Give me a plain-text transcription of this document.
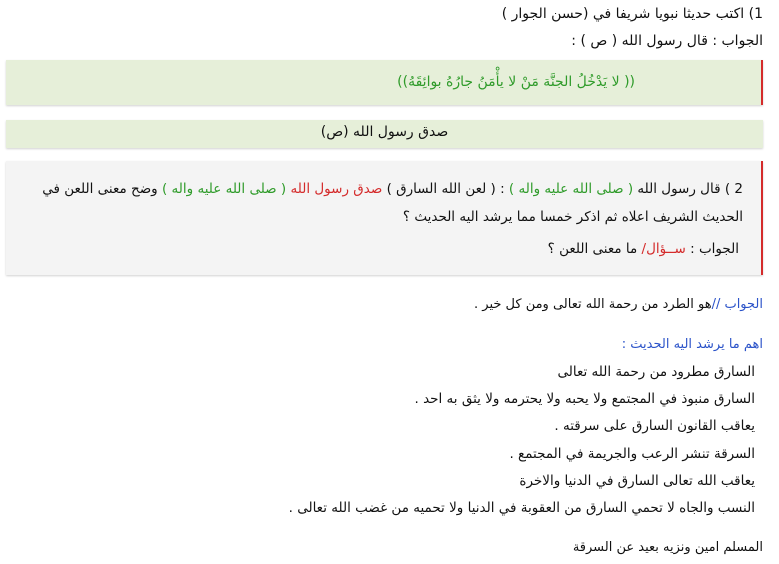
1) اكتب حديثا نبويا شريفا في (حسن الجوار )
الجواب : قال رسول الله ( ص ) :
(( لا يَدْخُلُ الجنَّة مَنْ لا يأْمَنُ جارُهُ بوائِقَهُ))
صدق رسول الله (ص)
2 ) قال رسول الله ( صلى الله عليه واله ) : ( لعن الله السارق ) صدق رسول الله ( صلى الله عليه واله ) وضح معنى اللعن في الحديث الشريف اعلاه ثم اذكر خمسا مما يرشد اليه الحديث ؟
الجواب : ســؤال/ ما معنى اللعن ؟
الجواب //هو الطرد من رحمة الله تعالى ومن كل خير .
اهم ما يرشد اليه الحديث :
السارق مطرود من رحمة الله تعالى
السارق منبوذ في المجتمع ولا يحبه ولا يحترمه ولا يثق به احد .
يعاقب القانون السارق على سرقته .
السرقة تنشر الرعب والجريمة في المجتمع .
يعاقب الله تعالى السارق في الدنيا والاخرة
النسب والجاه لا تحمي السارق من العقوبة في الدنيا ولا تحميه من غضب الله تعالى .
المسلم امين ونزيه بعيد عن السرقة
